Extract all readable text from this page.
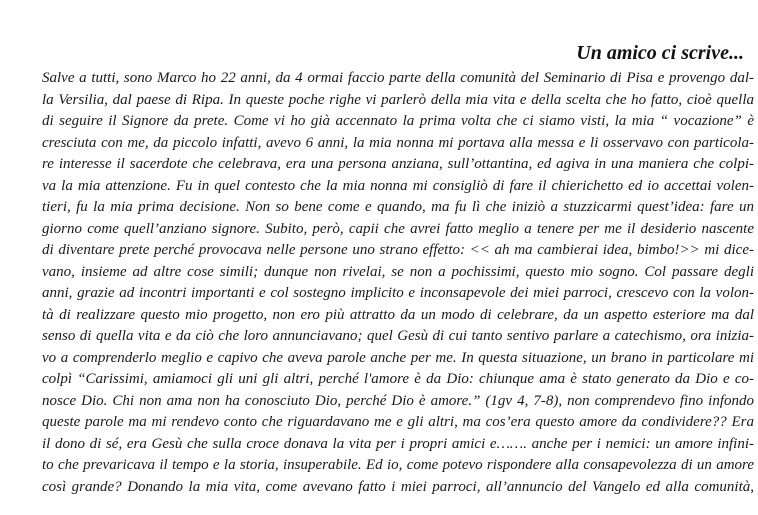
Un amico ci scrive...
Salve a tutti, sono Marco ho 22 anni, da 4 ormai faccio parte della comunità del Seminario di Pisa e provengo dal-
la Versilia, dal paese di Ripa. In queste poche righe vi parlerò della mia vita e della scelta che ho fatto, cioè quella
di seguire il Signore da prete. Come vi ho già accennato la prima volta che ci siamo visti, la mia “ vocazione” è
cresciuta con me, da piccolo infatti, avevo 6 anni, la mia nonna mi portava alla messa e li osservavo con particola-
re interesse il sacerdote che celebrava, era una persona anziana, sull’ottantina, ed agiva in una maniera che colpi-
va la mia attenzione. Fu in quel contesto che la mia nonna mi consigliò di fare il chierichetto ed io accettai volen-
tieri, fu la mia prima decisione. Non so bene come e quando, ma fu lì che iniziò a stuzzicarmi quest’idea: fare un
giorno come quell’anziano signore. Subito, però, capii che avrei fatto meglio a tenere per me il desiderio nascente
di diventare prete perché provocava nelle persone uno strano effetto: << ah ma cambierai idea, bimbo!>> mi dice-
vano, insieme ad altre cose simili; dunque non rivelai, se non a pochissimi, questo mio sogno. Col passare degli
anni, grazie ad incontri importanti e col sostegno implicito e inconsapevole dei miei parroci, crescevo con la volon-
tà di realizzare questo mio progetto, non ero più attratto da un modo di celebrare, da un aspetto esteriore ma dal
senso di quella vita e da ciò che loro annunciavano; quel Gesù di cui tanto sentivo parlare a catechismo, ora inizia-
vo a comprenderlo meglio e capivo che aveva parole anche per me. In questa situazione, un brano in particolare mi
colpì “Carissimi, amiamoci gli uni gli altri, perché l'amore è da Dio: chiunque ama è stato generato da Dio e co-
nosce Dio. Chi non ama non ha conosciuto Dio, perché Dio è amore.” (1gv 4, 7-8), non comprendevo fino infondo
queste parole ma mi rendevo conto che riguardavano me e gli altri, ma cos’era questo amore da condividere?? Era
il dono di sé, era Gesù che sulla croce donava la vita per i propri amici e……. anche per i nemici: un amore infini-
to che prevaricava il tempo e la storia, insuperabile. Ed io, come potevo rispondere alla consapevolezza di un amore
così grande? Donando la mia vita, come avevano fatto i miei parroci, all’annuncio del Vangelo ed alla comunità,
